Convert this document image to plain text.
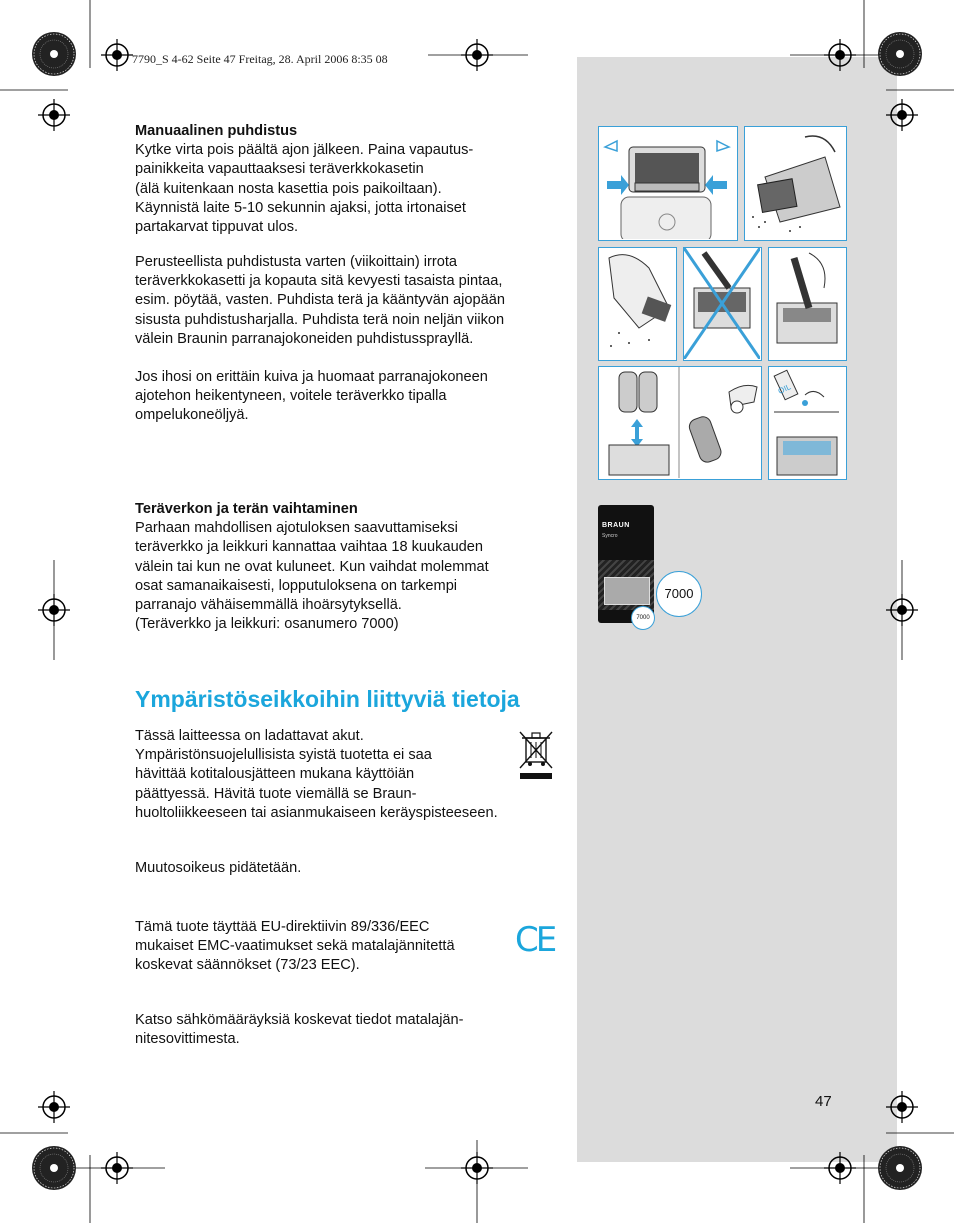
7790_S 4-62 Seite 47 Freitag, 28. April 2006 8:35 08

Manuaalinen puhdistus

Kytke virta pois päältä ajon jälkeen. Paina vapautus-

painikkeita vapauttaaksesi teräverkkokasetin

(älä kuitenkaan nosta kasettia pois paikoiltaan).

Käynnistä laite 5-10 sekunnin ajaksi, jotta irtonaiset

partakarvat tippuvat ulos.

Perusteellista puhdistusta varten (viikoittain) irrota

teräverkkokasetti ja kopauta sitä kevyesti tasaista pintaa,

esim. pöytää, vasten. Puhdista terä ja kääntyvän ajopään

sisusta puhdistusharjalla. Puhdista terä noin neljän viikon

välein Braunin parranajokoneiden puhdistussprayllä.

Jos ihosi on erittäin kuiva ja huomaat parranajokoneen

ajotehon heikentyneen, voitele teräverkko tipalla

ompelukoneöljyä.

Teräverkon ja terän vaihtaminen

Parhaan mahdollisen ajotuloksen saavuttamiseksi

teräverkko ja leikkuri kannattaa vaihtaa 18 kuukauden

välein tai kun ne ovat kuluneet. Kun vaihdat molemmat

osat samanaikaisesti, lopputuloksena on tarkempi

parranajo vähäisemmällä ihoärsytyksellä.

(Teräverkko ja leikkuri: osanumero 7000)

Ympäristöseikkoihin liittyviä tietoja

Tässä laitteessa on ladattavat akut.

Ympäristönsuojelullisista syistä tuotetta ei saa

hävittää kotitalousjätteen mukana käyttöiän

päättyessä. Hävitä tuote viemällä se Braun-

huoltoliikkeeseen tai asianmukaiseen keräyspisteeseen.

Muutosoikeus pidätetään.

Tämä tuote täyttää EU-direktiivin 89/336/EEC

mukaiset EMC-vaatimukset sekä matalajännitettä

koskevat säännökset (73/23 EEC).

CE

Katso sähkömääräyksiä koskevat tiedot matalajän-

nitesovittimesta.

47
OIL
BRAUN
Syncro
7000
7000
